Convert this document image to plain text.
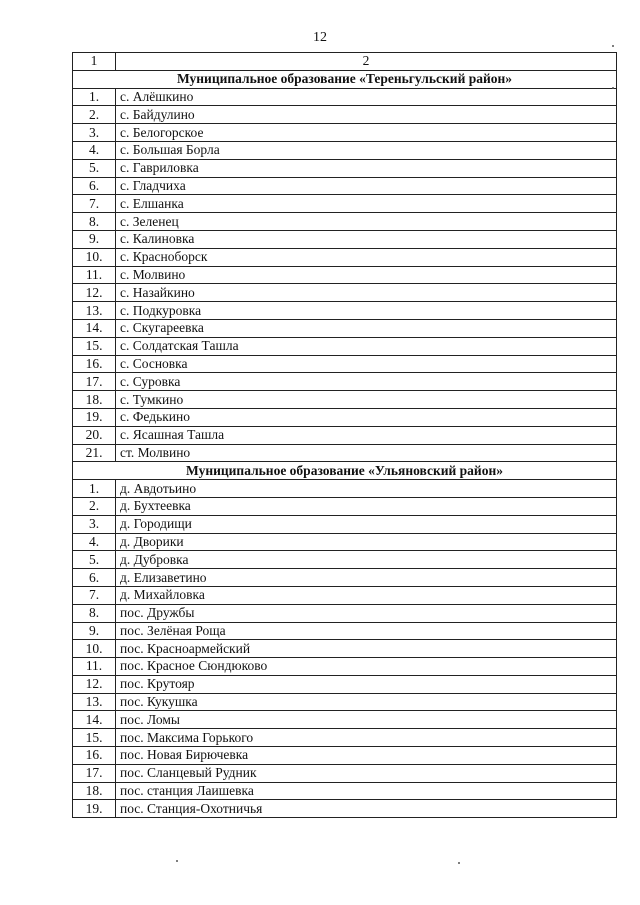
12
1	2
Муниципальное образование «Тереньгульский район»	
1.	с. Алёшкино
2.	с. Байдулино
3.	с. Белогорское
4.	с. Большая Борла
5.	с. Гавриловка
6.	с. Гладчиха
7.	с. Елшанка
8.	с. Зеленец
9.	с. Калиновка
10.	с. Красноборск
11.	с. Молвино
12.	с. Назайкино
13.	с. Подкуровка
14.	с. Скугареевка
15.	с. Солдатская Ташла
16.	с. Сосновка
17.	с. Суровка
18.	с. Тумкино
19.	с. Федькино
20.	с. Ясашная Ташла
21.	ст. Молвино
Муниципальное образование «Ульяновский район»	
1.	д. Авдотьино
2.	д. Бухтеевка
3.	д. Городищи
4.	д. Дворики
5.	д. Дубровка
6.	д. Елизаветино
7.	д. Михайловка
8.	пос. Дружбы
9.	пос. Зелёная Роща
10.	пос. Красноармейский
11.	пос. Красное Сюндюково
12.	пос. Крутояр
13.	пос. Кукушка
14.	пос. Ломы
15.	пос. Максима Горького
16.	пос. Новая Бирючевка
17.	пос. Сланцевый Рудник
18.	пос. станция Лаишевка
19.	пос. Станция-Охотничья
